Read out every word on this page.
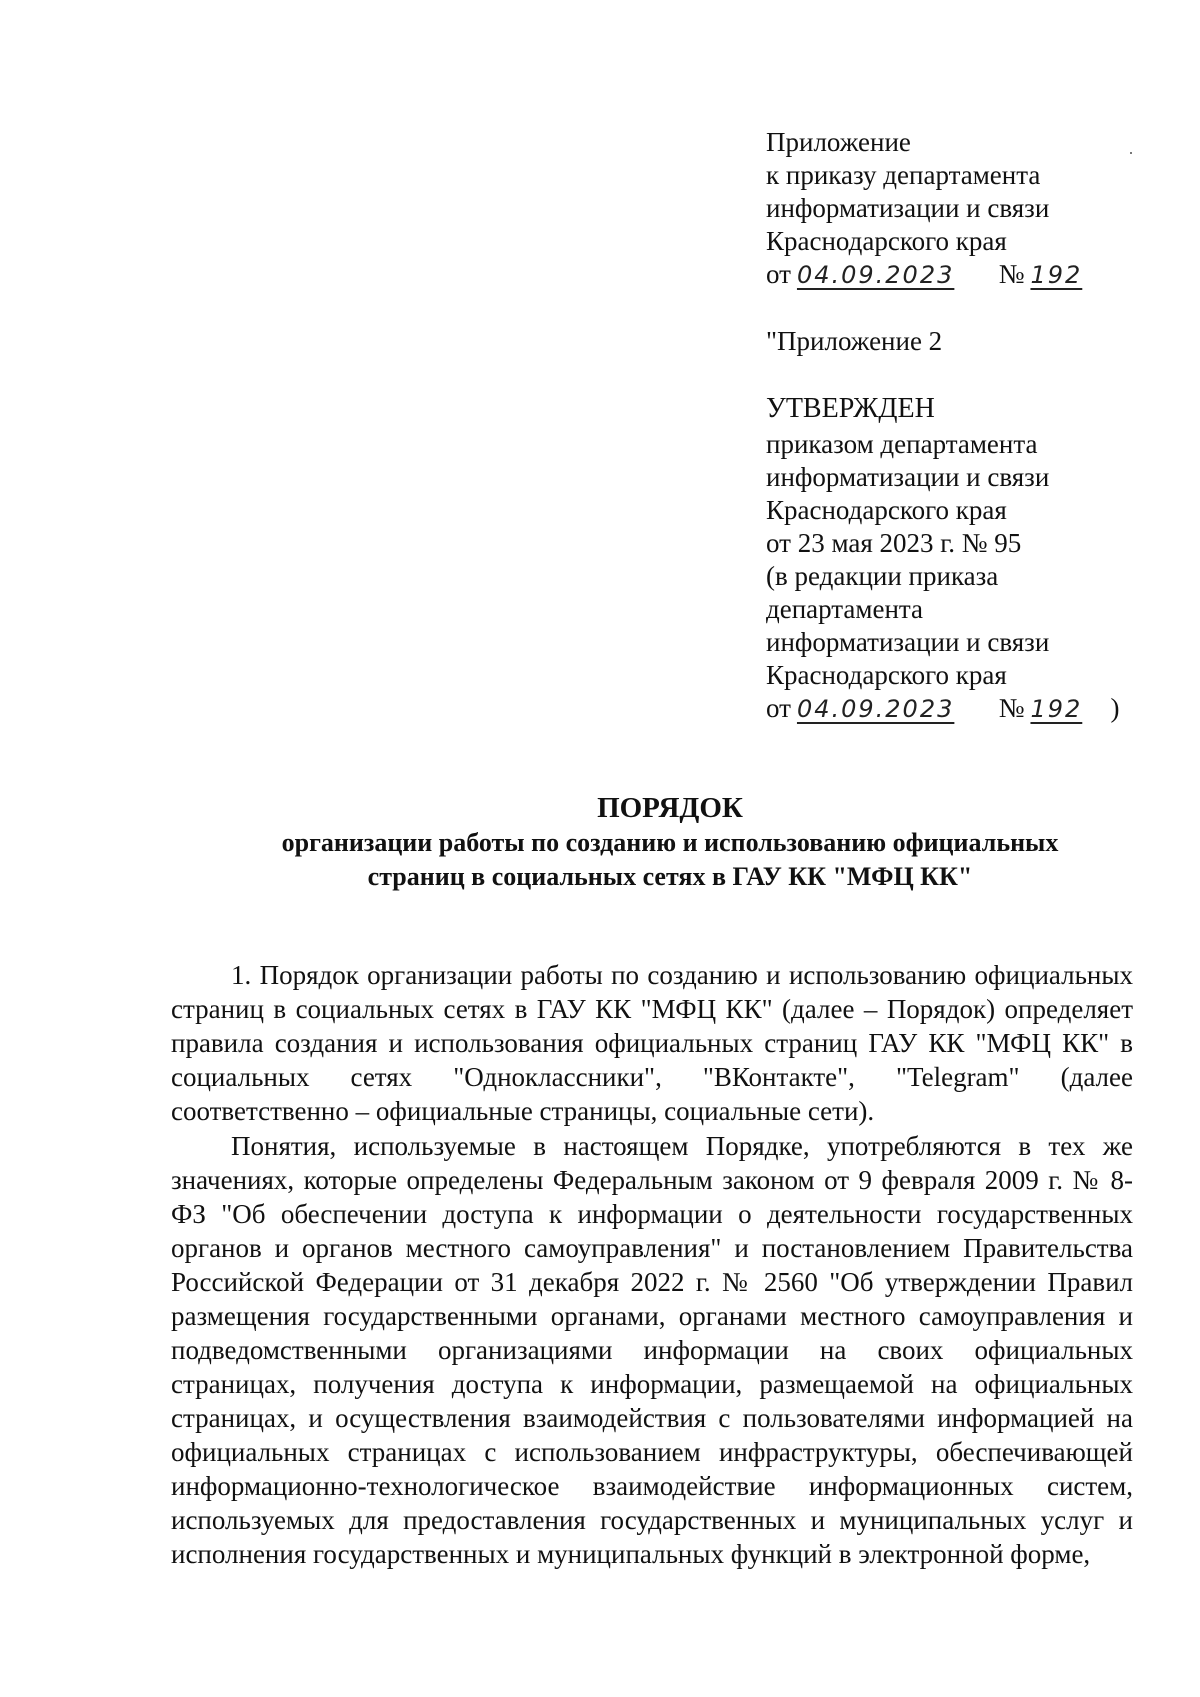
Приложение
к приказу департамента
информатизации и связи
Краснодарского края
от 04.09.2023 № 192
"Приложение 2
УТВЕРЖДЕН
приказом департамента
информатизации и связи
Краснодарского края
от 23 мая 2023 г. № 95
(в редакции приказа
департамента
информатизации и связи
Краснодарского края
от 04.09.2023 № 192 )
ПОРЯДОК
организации работы по созданию и использованию официальных
страниц в социальных сетях в ГАУ КК "МФЦ КК"

1. Порядок организации работы по созданию и использованию официальных страниц в социальных сетях в ГАУ КК "МФЦ КК" (далее – Порядок) определяет правила создания и использования официальных страниц ГАУ КК "МФЦ КК" в социальных сетях "Одноклассники", "ВКонтакте", "Telegram" (далее соответственно – официальные страницы, социальные сети).

Понятия, используемые в настоящем Порядке, употребляются в тех же значениях, которые определены Федеральным законом от 9 февраля 2009 г. № 8-ФЗ "Об обеспечении доступа к информации о деятельности государственных органов и органов местного самоуправления" и постановлением Правительства Российской Федерации от 31 декабря 2022 г. № 2560 "Об утверждении Правил размещения государственными органами, органами местного самоуправления и подведомственными организациями информации на своих официальных страницах, получения доступа к информации, размещаемой на официальных страницах, и осуществления взаимодействия с пользователями информацией на официальных страницах с использованием инфраструктуры, обеспечивающей информационно-технологическое взаимодействие информационных систем, используемых для предоставления государственных и муниципальных услуг и исполнения государственных и муниципальных функций в электронной форме,
